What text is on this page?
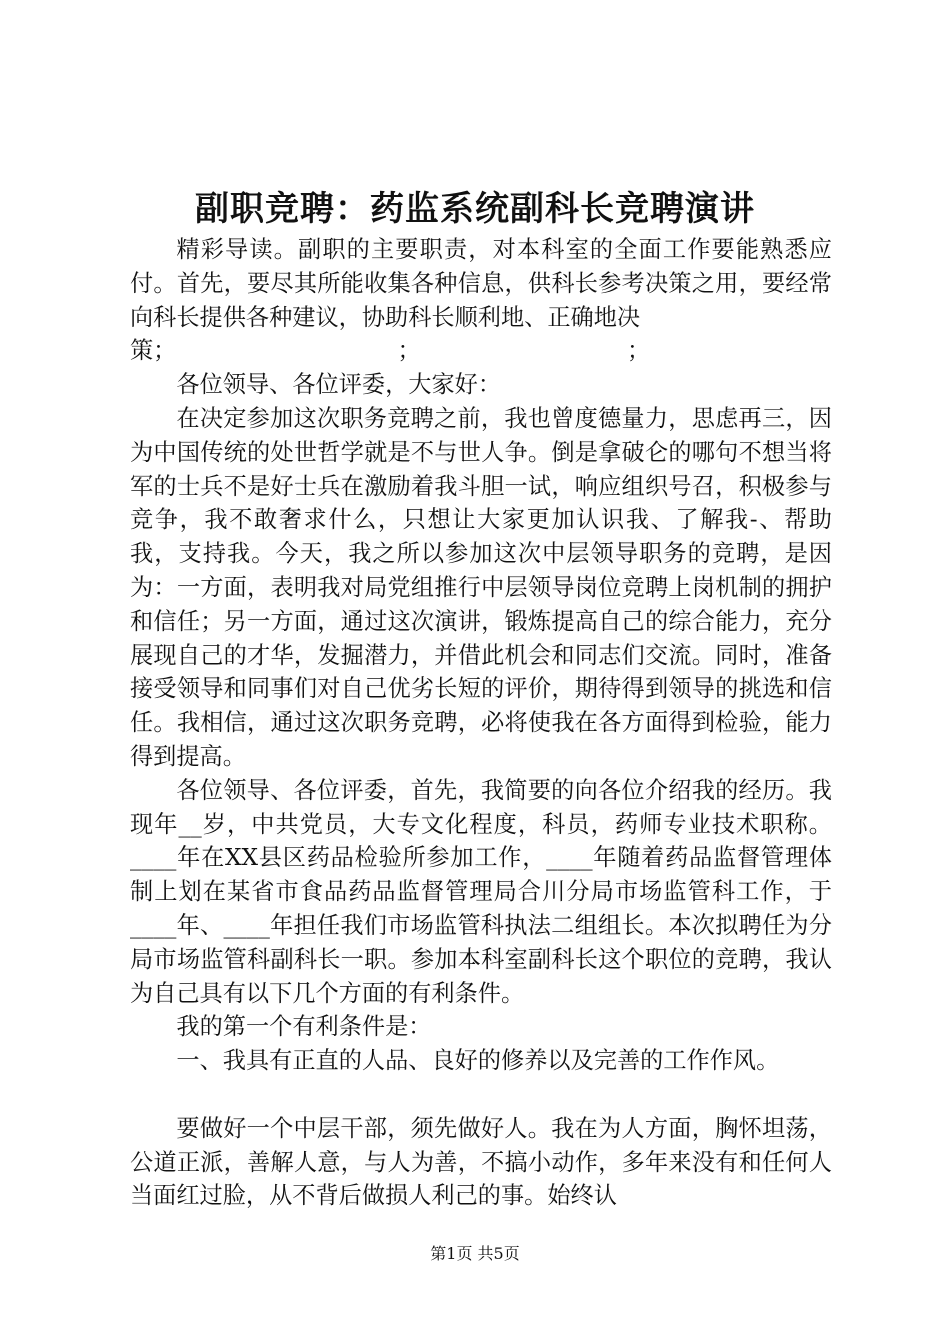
副职竞聘：药监系统副科长竞聘演讲

精彩导读。副职的主要职责，对本科室的全面工作要能熟悉应付。首先，要尽其所能收集各种信息，供科长参考决策之用，要经常向科长提供各种建议，协助科长顺利地、正确地决

策；                              ；                            ；

各位领导、各位评委，大家好：

在决定参加这次职务竞聘之前，我也曾度德量力，思虑再三，因为中国传统的处世哲学就是不与世人争。倒是拿破仑的哪句不想当将军的士兵不是好士兵在激励着我斗胆一试，响应组织号召，积极参与竞争，我不敢奢求什么，只想让大家更加认识我、了解我-、帮助我，支持我。今天，我之所以参加这次中层领导职务的竞聘，是因为：一方面，表明我对局党组推行中层领导岗位竞聘上岗机制的拥护和信任；另一方面，通过这次演讲，锻炼提高自己的综合能力，充分展现自己的才华，发掘潜力，并借此机会和同志们交流。同时，准备接受领导和同事们对自己优劣长短的评价，期待得到领导的挑选和信任。我相信，通过这次职务竞聘，必将使我在各方面得到检验，能力得到提高。

各位领导、各位评委，首先，我简要的向各位介绍我的经历。我现年__岁，中共党员，大专文化程度，科员，药师专业技术职称。____年在XX县区药品检验所参加工作，____年随着药品监督管理体制上划在某省市食品药品监督管理局合川分局市场监管科工作，于____年、____年担任我们市场监管科执法二组组长。本次拟聘任为分局市场监管科副科长一职。参加本科室副科长这个职位的竞聘，我认为自己具有以下几个方面的有利条件。

我的第一个有利条件是：

一、我具有正直的人品、良好的修养以及完善的工作作风。

要做好一个中层干部，须先做好人。我在为人方面，胸怀坦荡，公道正派，善解人意，与人为善，不搞小动作，多年来没有和任何人当面红过脸，从不背后做损人利己的事。始终认

第1页 共5页
